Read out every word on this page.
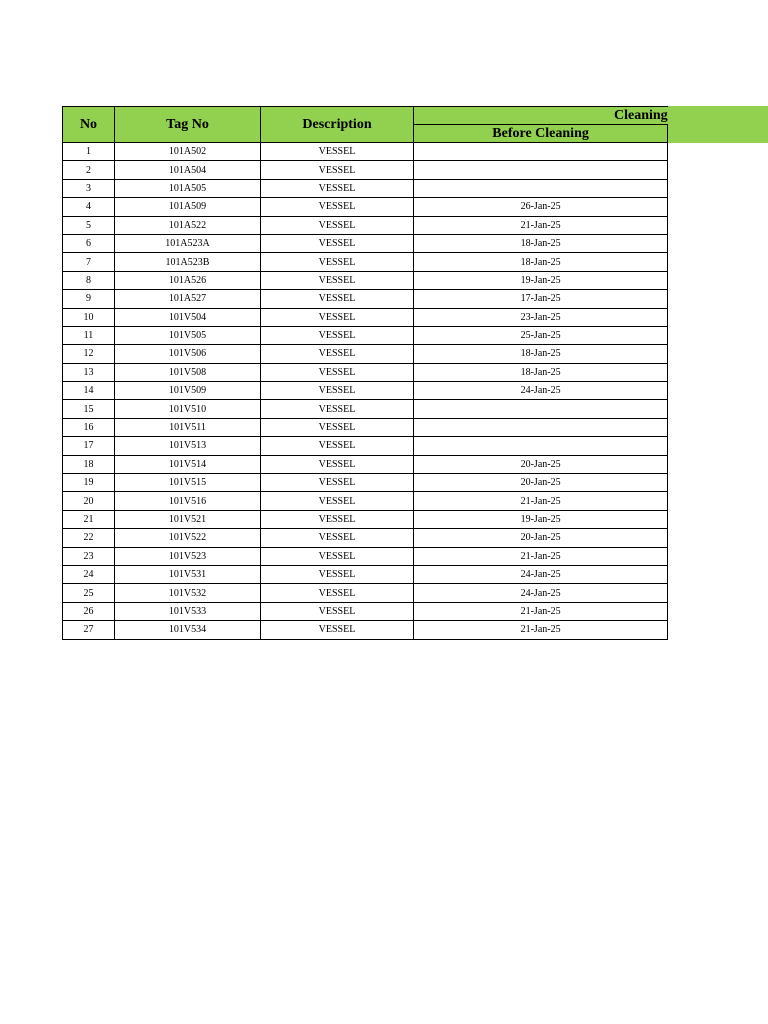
No	Tag No	Description	Cleaning
			Before Cleaning
1	101A502	VESSEL	
2	101A504	VESSEL	
3	101A505	VESSEL	
4	101A509	VESSEL	26-Jan-25
5	101A522	VESSEL	21-Jan-25
6	101A523A	VESSEL	18-Jan-25
7	101A523B	VESSEL	18-Jan-25
8	101A526	VESSEL	19-Jan-25
9	101A527	VESSEL	17-Jan-25
10	101V504	VESSEL	23-Jan-25
11	101V505	VESSEL	25-Jan-25
12	101V506	VESSEL	18-Jan-25
13	101V508	VESSEL	18-Jan-25
14	101V509	VESSEL	24-Jan-25
15	101V510	VESSEL	
16	101V511	VESSEL	
17	101V513	VESSEL	
18	101V514	VESSEL	20-Jan-25
19	101V515	VESSEL	20-Jan-25
20	101V516	VESSEL	21-Jan-25
21	101V521	VESSEL	19-Jan-25
22	101V522	VESSEL	20-Jan-25
23	101V523	VESSEL	21-Jan-25
24	101V531	VESSEL	24-Jan-25
25	101V532	VESSEL	24-Jan-25
26	101V533	VESSEL	21-Jan-25
27	101V534	VESSEL	21-Jan-25
